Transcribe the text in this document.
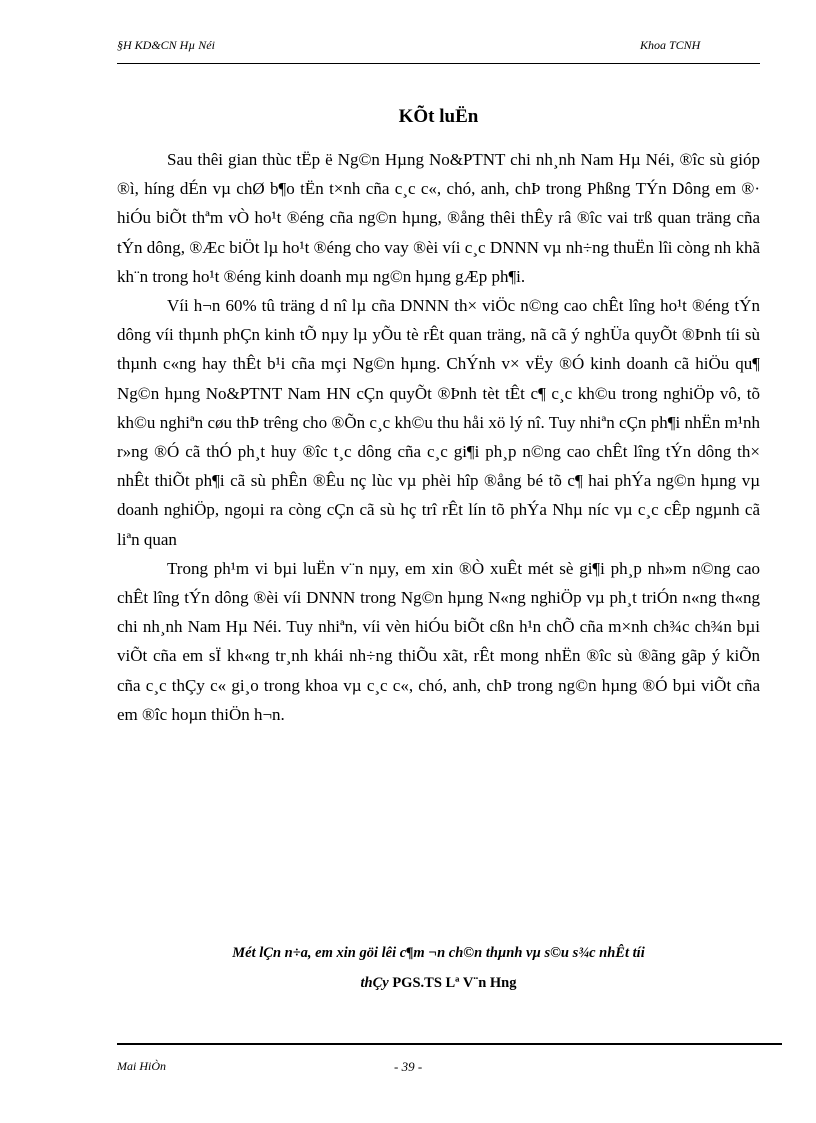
§H KD&CN Hµ Néi	Khoa TCNH
KÕt luËn

Sau thêi gian thùc tËp ë Ng©n Hµng No&PTNT chi nh¸nh Nam Hµ Néi, ®îc sù gióp ®ì, híng dÉn vµ chØ b¶o tËn t×nh cña c¸c c«, chó, anh, chÞ trong Phßng TÝn Dông em ®· hiÓu biÕt thªm vÒ ho¹t ®éng cña ng©n hµng, ®ång thêi thÊy râ ®îc vai trß quan träng cña tÝn dông, ®Æc biÖt lµ ho¹t ®éng cho vay ®èi víi c¸c DNNN vµ nh÷ng thuËn lîi còng nh khã kh¨n trong ho¹t ®éng kinh doanh mµ ng©n hµng gÆp ph¶i.

Víi h¬n 60% tû träng d nî lµ cña DNNN th× viÖc n©ng cao chÊt lîng ho¹t ®éng tÝn dông víi thµnh phÇn kinh tÕ nµy lµ yÕu tè rÊt quan träng, nã cã ý nghÜa quyÕt ®Þnh tíi sù thµnh c«ng hay thÊt b¹i cña mçi Ng©n hµng. ChÝnh v× vËy ®Ó kinh doanh cã hiÖu qu¶ Ng©n hµng No&PTNT Nam HN cÇn quyÕt ®Þnh tèt tÊt c¶ c¸c kh©u trong nghiÖp vô, tõ kh©u nghiªn cøu thÞ trêng cho ®Õn c¸c kh©u thu håi xö lý nî. Tuy nhiªn cÇn ph¶i nhËn m¹nh r»ng ®Ó cã thÓ ph¸t huy ®îc t¸c dông cña c¸c gi¶i ph¸p n©ng cao chÊt lîng tÝn dông th× nhÊt thiÕt ph¶i cã sù phÊn ®Êu nç lùc vµ phèi hîp ®ång bé tõ c¶ hai phÝa ng©n hµng vµ doanh nghiÖp, ngoµi ra còng cÇn cã sù hç trî rÊt lín tõ phÝa Nhµ níc vµ c¸c cÊp ngµnh cã liªn quan

Trong ph¹m vi bµi luËn v¨n nµy, em xin ®Ò xuÊt mét sè gi¶i ph¸p nh»m n©ng cao chÊt lîng tÝn dông ®èi víi DNNN trong Ng©n hµng N«ng nghiÖp vµ ph¸t triÓn n«ng th«ng chi nh¸nh Nam Hµ Néi. Tuy nhiªn, víi vèn hiÓu biÕt cßn h¹n chÕ cña m×nh ch¾c ch¾n bµi viÕt cña em sÏ kh«ng tr¸nh khái nh÷ng thiÕu xãt, rÊt mong nhËn ®îc sù ®ãng gãp ý kiÕn cña c¸c thÇy c« gi¸o trong khoa vµ c¸c c«, chó, anh, chÞ trong ng©n hµng ®Ó bµi viÕt cña em ®îc hoµn thiÖn h¬n.

Mét lÇn n÷a, em xin göi lêi c¶m ¬n ch©n thµnh vµ s©u s¾c nhÊt tíi
thÇy PGS.TS Lª V¨n Hng
Mai HiÒn	- 39 -
